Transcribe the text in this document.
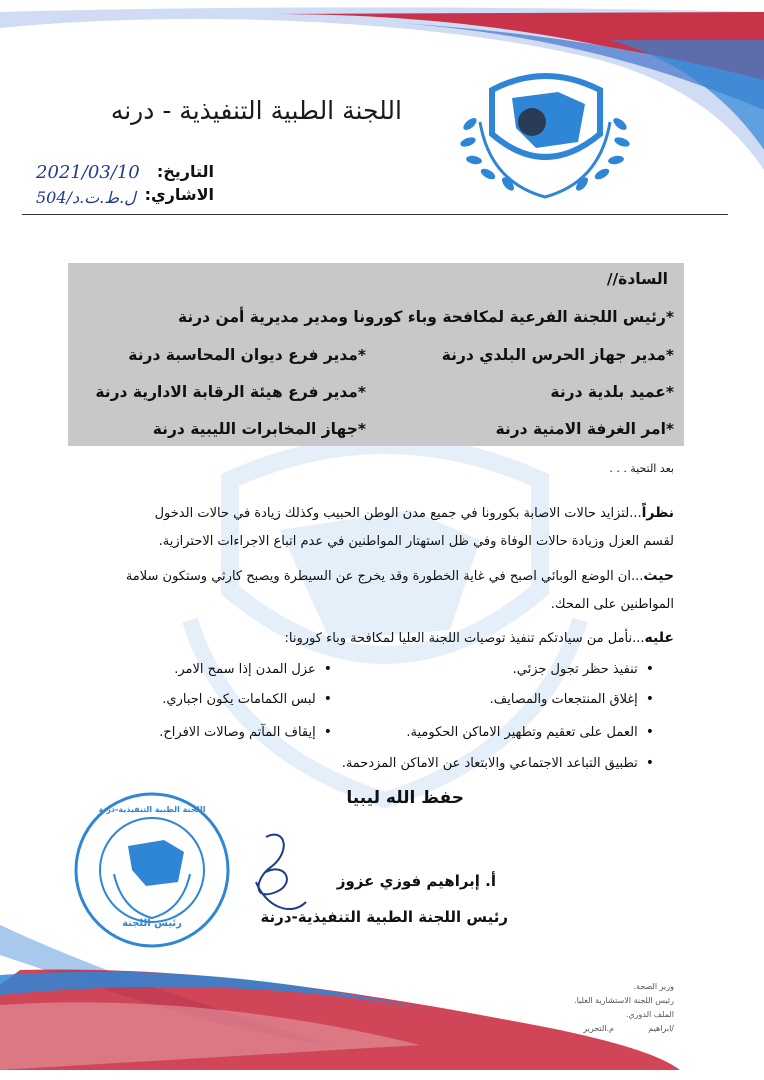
اللجنة الطبية التنفيذية - درنه
التاريخ:
2021/03/10
الاشاري:
504/ل.ط.ت.د
السادة//
*رئيس اللجنة الفرعية لمكافحة وباء كورونا ومدير مديرية أمن درنة
*مدير جهاز الحرس البلدي درنة
*عميد بلدية درنة
*امر الغرفة الامنية درنة
*مدير فرع ديوان المحاسبة درنة
*مدير فرع هيئة الرقابة الادارية درنة
*جهاز المخابرات الليبية درنة
بعد التحية . . .
نظراً...لتزايد حالات الاصابة بكورونا في جميع مدن الوطن الحبيب وكذلك زيادة في حالات الدخول
لقسم العزل وزيادة حالات الوفاة وفي ظل استهتار المواطنين في عدم اتباع الاجراءات الاحترازية.
حيث...ان الوضع الوبائي اصبح في غاية الخطورة وقد يخرج عن السيطرة ويصبح كارثي وستكون سلامة
المواطنين على المحك.
عليه...نأمل من سيادتكم تنفيذ توصيات اللجنة العليا لمكافحة وباء كورونا:
• تنفيذ حظر تجول جزئي.
• إغلاق المنتجعات والمصايف.
• العمل على تعقيم وتطهير الاماكن الحكومية.
• تطبيق التباعد الاجتماعي والابتعاد عن الاماكن المزدحمة.
• عزل المدن إذا سمح الامر.
• لبس الكمامات يكون اجباري.
• إيقاف المآتم وصالات الافراح.
حفظ الله ليبيا
اللجنة الطبية التنفيذية-درنة
رئيس اللجنة
أ. إبراهيم فوزي عزوز
رئيس اللجنة الطبية التنفيذية-درنة
وزير الصحة.
رئيس اللجنة الاستشارية العليا.
الملف الدوري.
م.التحرير	/ابراهيم
